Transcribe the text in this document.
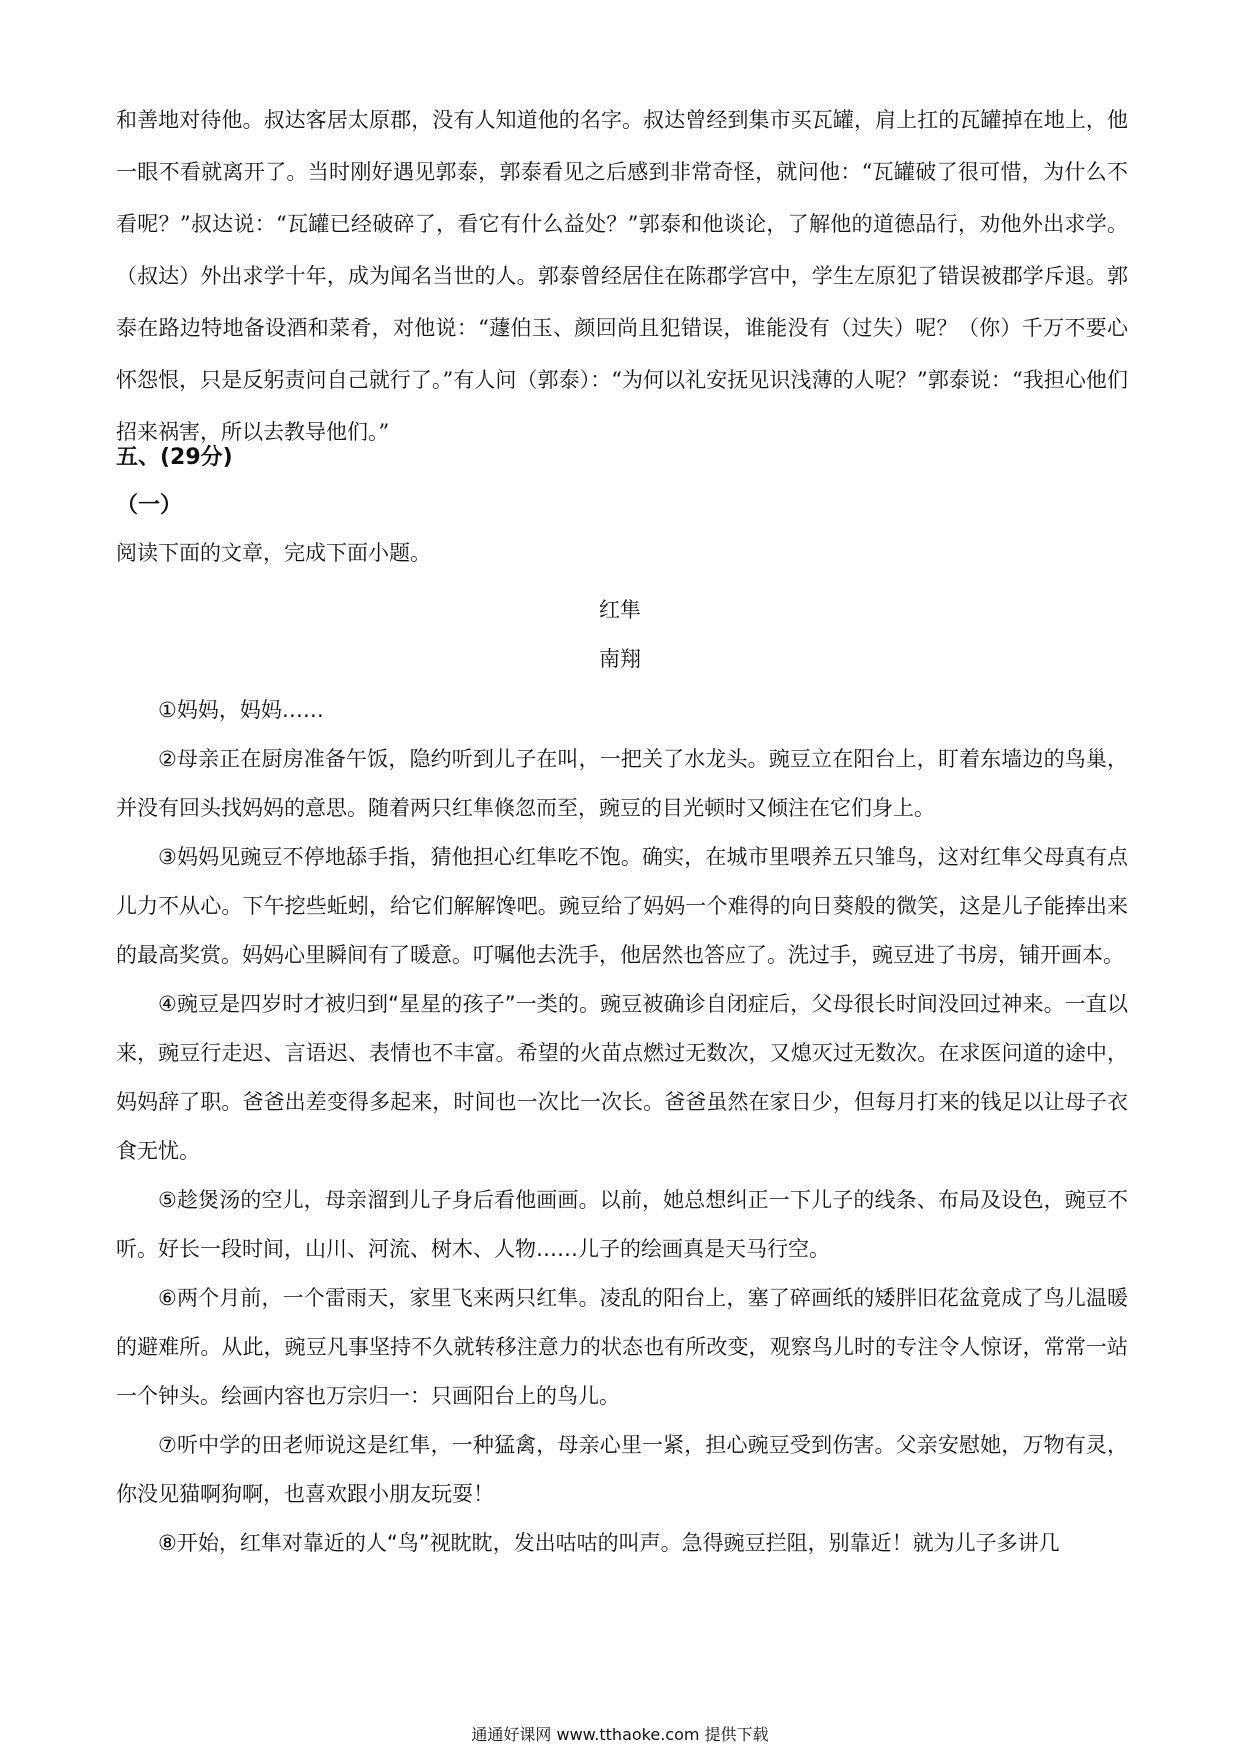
和善地对待他。叔达客居太原郡，没有人知道他的名字。叔达曾经到集市买瓦罐，肩上扛的瓦罐掉在地上，他一眼不看就离开了。当时刚好遇见郭泰，郭泰看见之后感到非常奇怪，就问他：“瓦罐破了很可惜，为什么不看呢？”叔达说：“瓦罐已经破碎了，看它有什么益处？”郭泰和他谈论，了解他的道德品行，劝他外出求学。（叔达）外出求学十年，成为闻名当世的人。郭泰曾经居住在陈郡学宫中，学生左原犯了错误被郡学斥退。郭泰在路边特地备设酒和菜肴，对他说：“蘧伯玉、颜回尚且犯错误，谁能没有（过失）呢？（你）千万不要心怀怨恨，只是反躬责问自己就行了。”有人问（郭泰）：“为何以礼安抚见识浅薄的人呢？”郭泰说：“我担心他们招来祸害，所以去教导他们。”

五、(29分)
（一）
阅读下面的文章，完成下面小题。
红隼
南翔

①妈妈，妈妈……

②母亲正在厨房准备午饭，隐约听到儿子在叫，一把关了水龙头。豌豆立在阳台上，盯着东墙边的鸟巢，并没有回头找妈妈的意思。随着两只红隼倏忽而至，豌豆的目光顿时又倾注在它们身上。

③妈妈见豌豆不停地舔手指，猜他担心红隼吃不饱。确实，在城市里喂养五只雏鸟，这对红隼父母真有点儿力不从心。下午挖些蚯蚓，给它们解解馋吧。豌豆给了妈妈一个难得的向日葵般的微笑，这是儿子能捧出来的最高奖赏。妈妈心里瞬间有了暖意。叮嘱他去洗手，他居然也答应了。洗过手，豌豆进了书房，铺开画本。

④豌豆是四岁时才被归到“星星的孩子”一类的。豌豆被确诊自闭症后，父母很长时间没回过神来。一直以来，豌豆行走迟、言语迟、表情也不丰富。希望的火苗点燃过无数次，又熄灭过无数次。在求医问道的途中，妈妈辞了职。爸爸出差变得多起来，时间也一次比一次长。爸爸虽然在家日少，但每月打来的钱足以让母子衣食无忧。

⑤趁煲汤的空儿，母亲溜到儿子身后看他画画。以前，她总想纠正一下儿子的线条、布局及设色，豌豆不听。好长一段时间，山川、河流、树木、人物……儿子的绘画真是天马行空。

⑥两个月前，一个雷雨天，家里飞来两只红隼。凌乱的阳台上，塞了碎画纸的矮胖旧花盆竟成了鸟儿温暖的避难所。从此，豌豆凡事坚持不久就转移注意力的状态也有所改变，观察鸟儿时的专注令人惊讶，常常一站一个钟头。绘画内容也万宗归一：只画阳台上的鸟儿。

⑦听中学的田老师说这是红隼，一种猛禽，母亲心里一紧，担心豌豆受到伤害。父亲安慰她，万物有灵，你没见猫啊狗啊，也喜欢跟小朋友玩耍！

⑧开始，红隼对靠近的人“鸟”视眈眈，发出咕咕的叫声。急得豌豆拦阻，别靠近！就为儿子多讲几

通通好课网 www.tthaoke.com 提供下载
